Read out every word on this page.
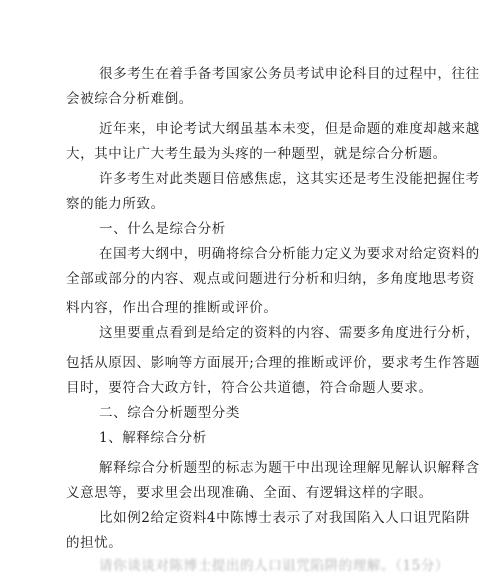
很多考生在着手备考国家公务员考试申论科目的过程中，往往
会被综合分析难倒。
近年来，申论考试大纲虽基本未变，但是命题的难度却越来越
大，其中让广大考生最为头疼的一种题型，就是综合分析题。
许多考生对此类题目倍感焦虑，这其实还是考生没能把握住考
察的能力所致。
一、什么是综合分析
在国考大纲中，明确将综合分析能力定义为要求对给定资料的
全部或部分的内容、观点或问题进行分析和归纳，多角度地思考资
料内容，作出合理的推断或评价。
这里要重点看到是给定的资料的内容、需要多角度进行分析，
包括从原因、影响等方面展开;合理的推断或评价，要求考生作答题
目时，要符合大政方针，符合公共道德，符合命题人要求。
二、综合分析题型分类
1、解释综合分析
解释综合分析题型的标志为题干中出现诠理解见解认识解释含
义意思等，要求里会出现准确、全面、有逻辑这样的字眼。
比如例2给定资料4中陈博士表示了对我国陷入人口诅咒陷阱
的担忧。
请你谈谈对陈博士提出的人口诅咒陷阱的理解。（15分）
